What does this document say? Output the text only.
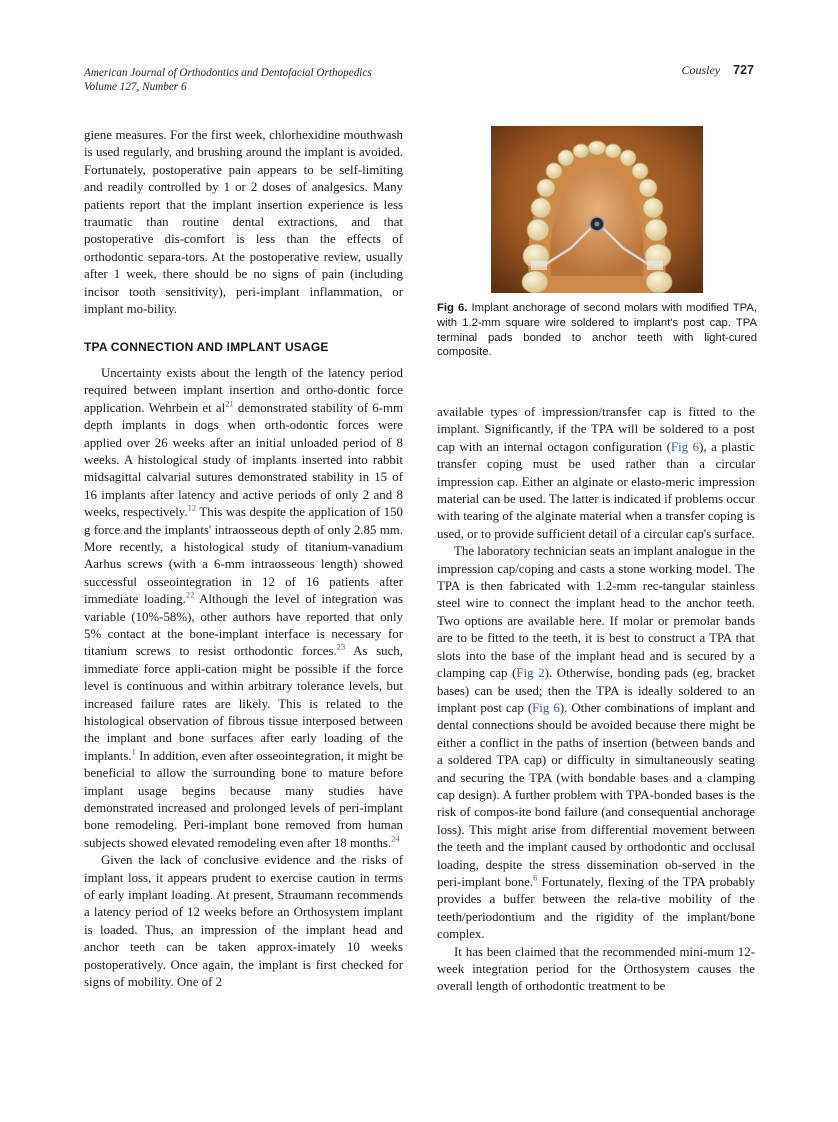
American Journal of Orthodontics and Dentofacial Orthopedics
Volume 127, Number 6
Cousley 727

giene measures. For the first week, chlorhexidine mouthwash is used regularly, and brushing around the implant is avoided. Fortunately, postoperative pain appears to be self-limiting and readily controlled by 1 or 2 doses of analgesics. Many patients report that the implant insertion experience is less traumatic than routine dental extractions, and that postoperative dis-comfort is less than the effects of orthodontic separa-tors. At the postoperative review, usually after 1 week, there should be no signs of pain (including incisor tooth sensitivity), peri-implant inflammation, or implant mo-bility.

TPA CONNECTION AND IMPLANT USAGE

Uncertainty exists about the length of the latency period required between implant insertion and ortho-dontic force application. Wehrbein et al$^{21}$ demonstrated stability of 6-mm depth implants in dogs when orth-odontic forces were applied over 26 weeks after an initial unloaded period of 8 weeks. A histological study of implants inserted into rabbit midsagittal calvarial sutures demonstrated stability in 15 of 16 implants after latency and active periods of only 2 and 8 weeks, respectively.$^{12}$ This was despite the application of 150 g force and the implants' intraosseous depth of only 2.85 mm. More recently, a histological study of titanium-vanadium Aarhus screws (with a 6-mm intraosseous length) showed successful osseointegration in 12 of 16 patients after immediate loading.$^{22}$ Although the level of integration was variable (10%-58%), other authors have reported that only 5% contact at the bone-implant interface is necessary for titanium screws to resist orthodontic forces.$^{23}$ As such, immediate force appli-cation might be possible if the force level is continuous and within arbitrary tolerance levels, but increased failure rates are likely. This is related to the histological observation of fibrous tissue interposed between the implant and bone surfaces after early loading of the implants.$^1$ In addition, even after osseointegration, it might be beneficial to allow the surrounding bone to mature before implant usage begins because many studies have demonstrated increased and prolonged levels of peri-implant bone remodeling. Peri-implant bone removed from human subjects showed elevated remodeling even after 18 months.$^{24}$

Given the lack of conclusive evidence and the risks of implant loss, it appears prudent to exercise caution in terms of early implant loading. At present, Straumann recommends a latency period of 12 weeks before an Orthosystem implant is loaded. Thus, an impression of the implant head and anchor teeth can be taken approx-imately 10 weeks postoperatively. Once again, the implant is first checked for signs of mobility. One of 2

Fig 6. Implant anchorage of second molars with modified TPA, with 1.2-mm square wire soldered to implant's post cap. TPA terminal pads bonded to anchor teeth with light-cured composite.

available types of impression/transfer cap is fitted to the implant. Significantly, if the TPA will be soldered to a post cap with an internal octagon configuration (Fig 6), a plastic transfer coping must be used rather than a circular impression cap. Either an alginate or elasto-meric impression material can be used. The latter is indicated if problems occur with tearing of the alginate material when a transfer coping is used, or to provide sufficient detail of a circular cap's surface.

The laboratory technician seats an implant analogue in the impression cap/coping and casts a stone working model. The TPA is then fabricated with 1.2-mm rec-tangular stainless steel wire to connect the implant head to the anchor teeth. Two options are available here. If molar or premolar bands are to be fitted to the teeth, it is best to construct a TPA that slots into the base of the implant head and is secured by a clamping cap (Fig 2). Otherwise, bonding pads (eg, bracket bases) can be used; then the TPA is ideally soldered to an implant post cap (Fig 6). Other combinations of implant and dental connections should be avoided because there might be either a conflict in the paths of insertion (between bands and a soldered TPA cap) or difficulty in simultaneously seating and securing the TPA (with bondable bases and a clamping cap design). A further problem with TPA-bonded bases is the risk of compos-ite bond failure (and consequential anchorage loss). This might arise from differential movement between the teeth and the implant caused by orthodontic and occlusal loading, despite the stress dissemination ob-served in the peri-implant bone.$^6$ Fortunately, flexing of the TPA probably provides a buffer between the rela-tive mobility of the teeth/periodontium and the rigidity of the implant/bone complex.

It has been claimed that the recommended mini-mum 12-week integration period for the Orthosystem causes the overall length of orthodontic treatment to be
